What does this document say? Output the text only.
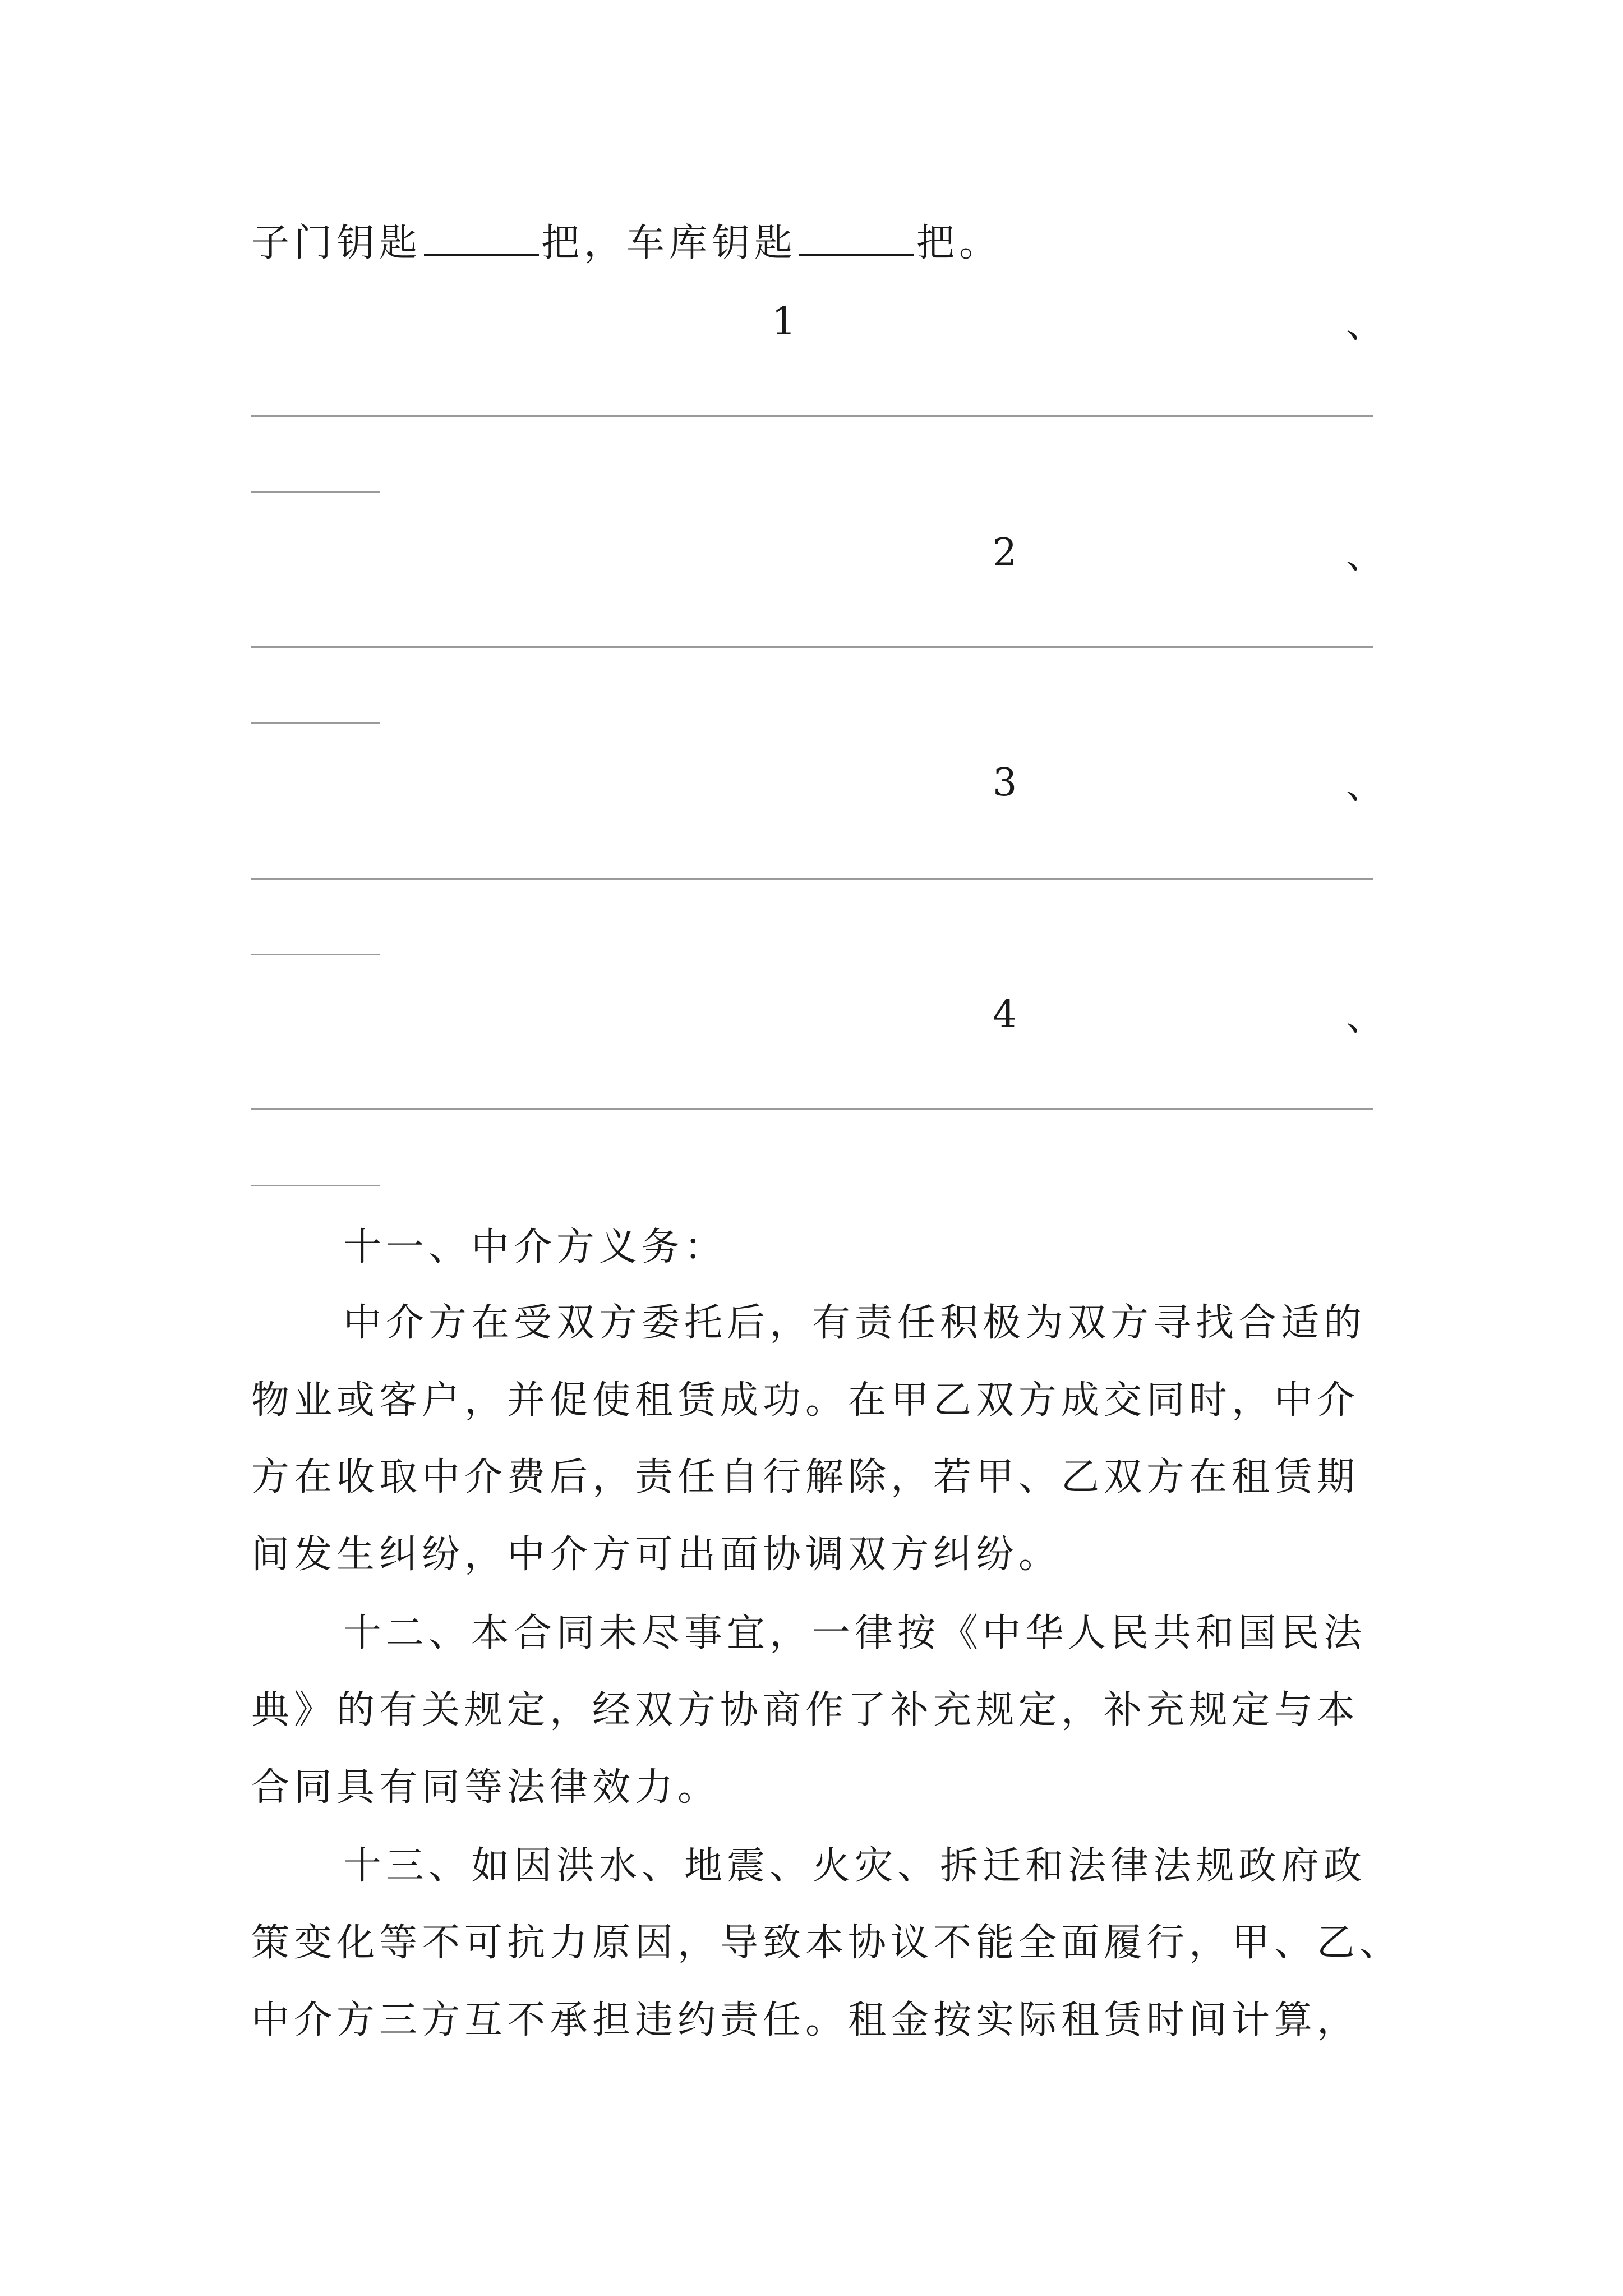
子门钥匙	把，车库钥匙	把。
1	、
2	、
3	、
4	、
十一、中介方义务：
中介方在受双方委托后，有责任积极为双方寻找合适的
物业或客户，并促使租赁成功。在甲乙双方成交同时，中介
方在收取中介费后，责任自行解除，若甲、乙双方在租赁期
间发生纠纷，中介方可出面协调双方纠纷。
十二、本合同未尽事宜，一律按《中华人民共和国民法
典》的有关规定，经双方协商作了补充规定，补充规定与本
合同具有同等法律效力。
十三、如因洪水、地震、火灾、拆迁和法律法规政府政
策变化等不可抗力原因，导致本协议不能全面履行，甲、乙、
中介方三方互不承担违约责任。租金按实际租赁时间计算，
